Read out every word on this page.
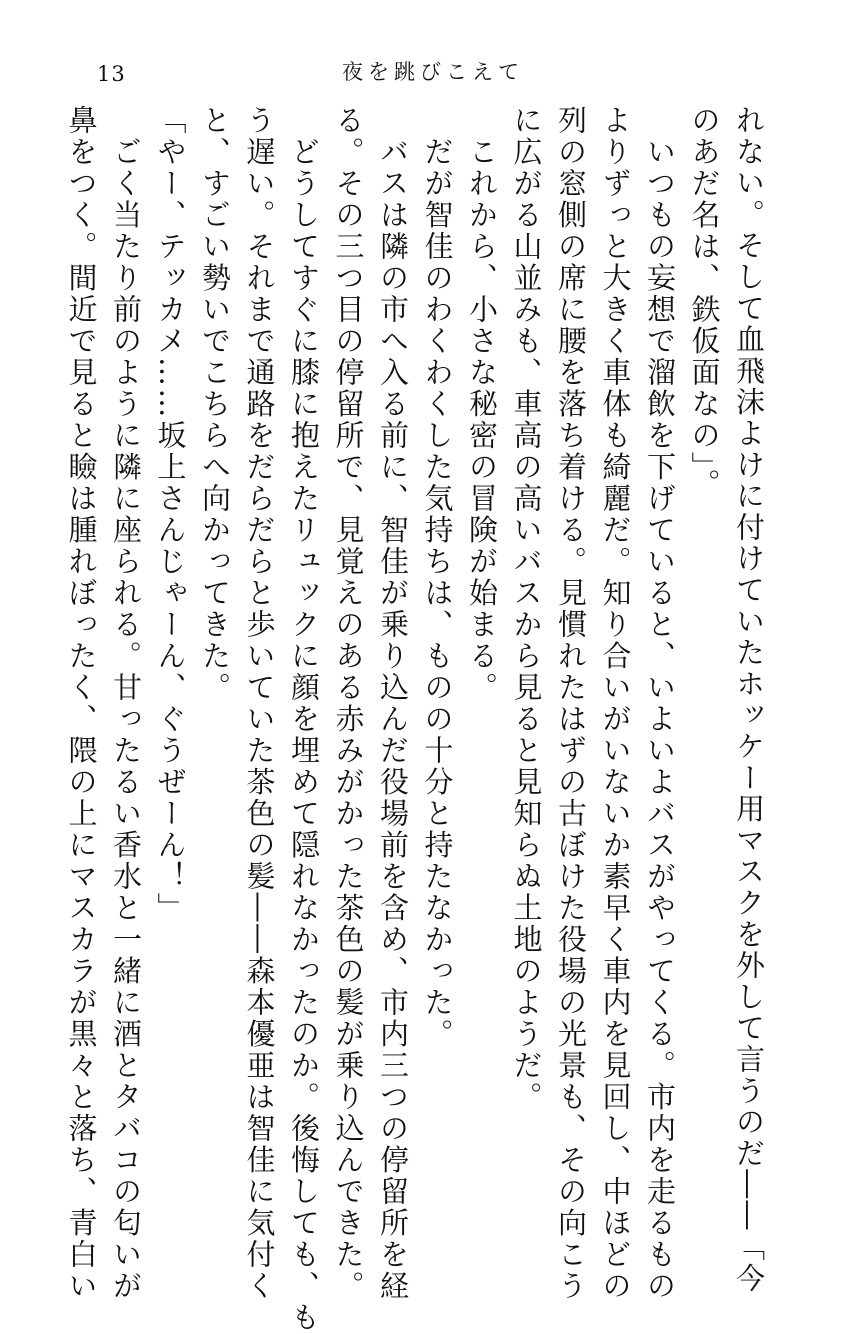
13	夜を跳びこえて

れない。そして血飛沫よけに付けていたホッケー用マスクを外して言うのだ――「今

のあだ名は、鉄仮面なの」。

　いつもの妄想で溜飲を下げていると、いよいよバスがやってくる。市内を走るもの

よりずっと大きく車体も綺麗だ。知り合いがいないか素早く車内を見回し、中ほどの

列の窓側の席に腰を落ち着ける。見慣れたはずの古ぼけた役場の光景も、その向こう

に広がる山並みも、車高の高いバスから見ると見知らぬ土地のようだ。

　これから、小さな秘密の冒険が始まる。

　だが智佳のわくわくした気持ちは、ものの十分と持たなかった。

　バスは隣の市へ入る前に、智佳が乗り込んだ役場前を含め、市内三つの停留所を経

る。その三つ目の停留所で、見覚えのある赤みがかった茶色の髪が乗り込んできた。

　どうしてすぐに膝に抱えたリュックに顔を埋めて隠れなかったのか。後悔しても、も

う遅い。それまで通路をだらだらと歩いていた茶色の髪――森本優亜は智佳に気付く

と、すごい勢いでこちらへ向かってきた。

「やー、テッカメ……坂上さんじゃーん、ぐうぜーん！」

　ごく当たり前のように隣に座られる。甘ったるい香水と一緒に酒とタバコの匂いが

鼻をつく。間近で見ると瞼は腫れぼったく、隈の上にマスカラが黒々と落ち、青白い
